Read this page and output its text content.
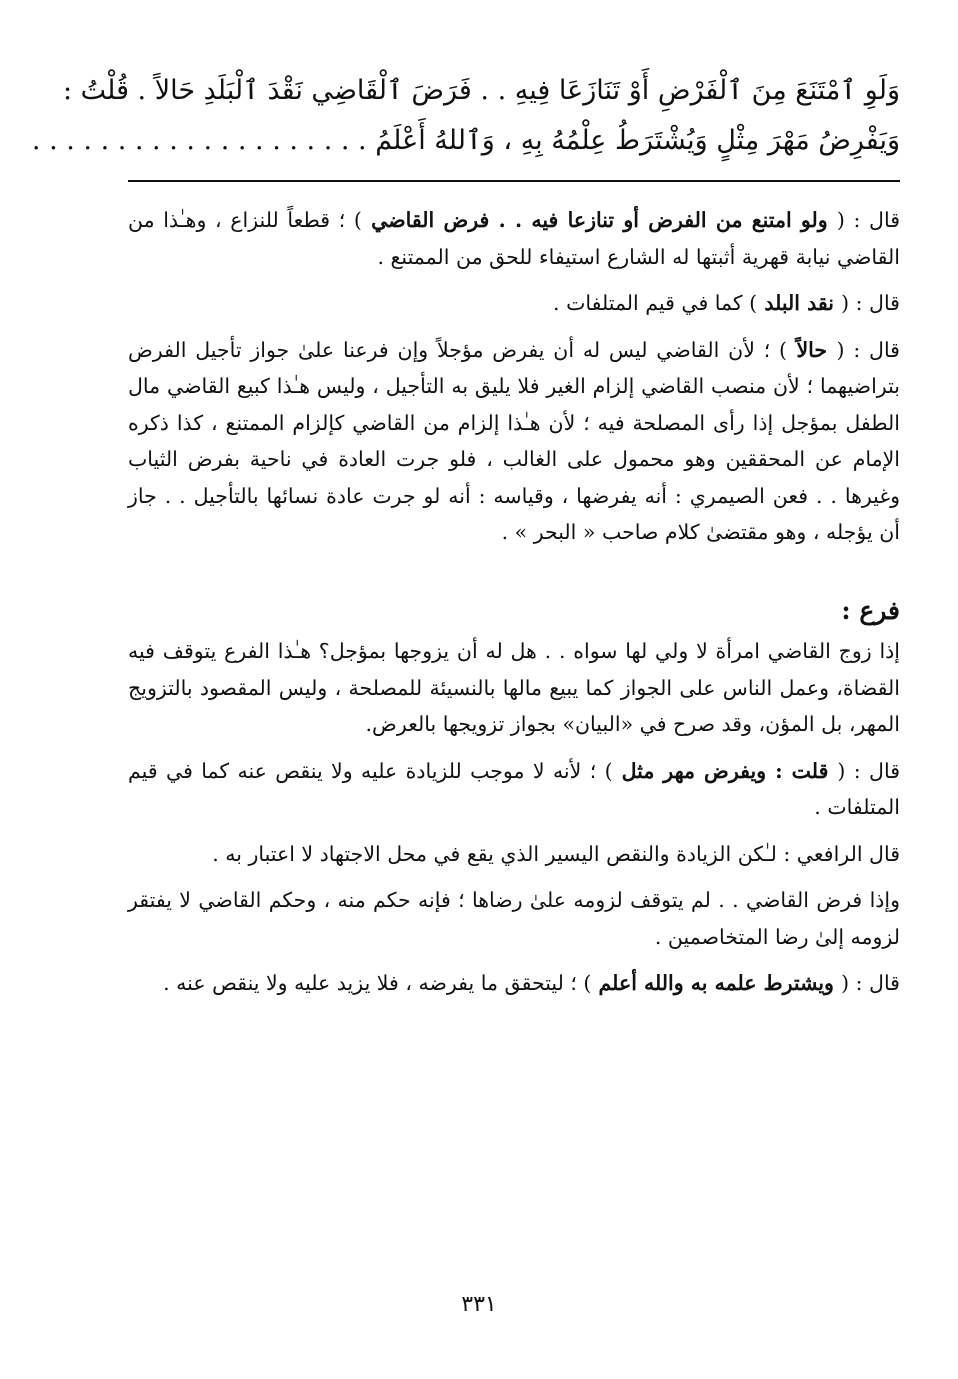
وَلَوِ ٱمْتَنَعَ مِنَ ٱلْفَرْضِ أَوْ تَنَازَعَا فِيهِ . . فَرَضَ ٱلْقَاضِي نَقْدَ ٱلْبَلَدِ حَالاً . قُلْتُ :
وَيَفْرِضُ مَهْرَ مِثْلٍ وَيُشْتَرَطُ عِلْمُهُ بِهِ ، وَٱللهُ أَعْلَمُ . . . . . . . . . . . . . . . . . . . .

قال : ( ولو امتنع من الفرض أو تنازعا فيه . . فرض القاضي ) ؛ قطعاً للنزاع ، وهـٰذا من القاضي نيابة قهرية أثبتها له الشارع استيفاء للحق من الممتنع .

قال : ( نقد البلد ) كما في قيم المتلفات .

قال : ( حالاً ) ؛ لأن القاضي ليس له أن يفرض مؤجلاً وإن فرعنا علىٰ جواز تأجيل الفرض بتراضيهما ؛ لأن منصب القاضي إلزام الغير فلا يليق به التأجيل ، وليس هـٰذا كبيع القاضي مال الطفل بمؤجل إذا رأى المصلحة فيه ؛ لأن هـٰذا إلزام من القاضي كإلزام الممتنع ، كذا ذكره الإمام عن المحققين وهو محمول على الغالب ، فلو جرت العادة في ناحية بفرض الثياب وغيرها . . فعن الصيمري : أنه يفرضها ، وقياسه : أنه لو جرت عادة نسائها بالتأجيل . . جاز أن يؤجله ، وهو مقتضىٰ كلام صاحب « البحر » .

فرع :

إذا زوج القاضي امرأة لا ولي لها سواه . . هل له أن يزوجها بمؤجل؟ هـٰذا الفرع يتوقف فيه القضاة، وعمل الناس على الجواز كما يبيع مالها بالنسيئة للمصلحة ، وليس المقصود بالتزويج المهر، بل المؤن، وقد صرح في «البيان» بجواز تزويجها بالعرض.

قال : ( قلت : ويفرض مهر مثل ) ؛ لأنه لا موجب للزيادة عليه ولا ينقص عنه كما في قيم المتلفات .

قال الرافعي : لـٰكن الزيادة والنقص اليسير الذي يقع في محل الاجتهاد لا اعتبار به .

وإذا فرض القاضي . . لم يتوقف لزومه علىٰ رضاها ؛ فإنه حكم منه ، وحكم القاضي لا يفتقر لزومه إلىٰ رضا المتخاصمين .

قال : ( ويشترط علمه به والله أعلم ) ؛ ليتحقق ما يفرضه ، فلا يزيد عليه ولا ينقص عنه .

٣٣١
